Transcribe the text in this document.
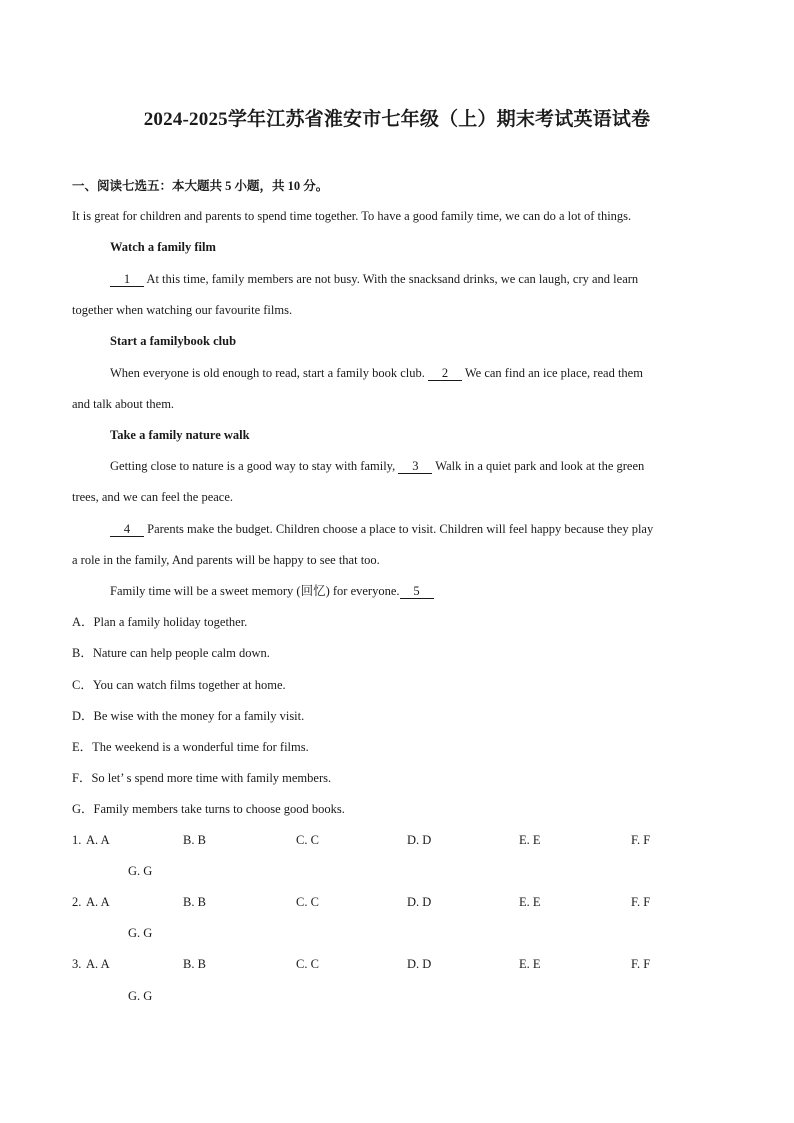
2024-2025学年江苏省淮安市七年级（上）期末考试英语试卷
一、阅读七选五：本大题共 5 小题，共 10 分。
It is great for children and parents to spend time together. To have a good family time, we can do a lot of things.
Watch a family film
1 At this time, family members are not busy. With the snacksand drinks, we can laugh, cry and learn
together when watching our favourite films.
Start a familybook club
When everyone is old enough to read, start a family book club. 2 We can find an ice place, read them
and talk about them.
Take a family nature walk
Getting close to nature is a good way to stay with family, 3 Walk in a quiet park and look at the green
trees, and we can feel the peace.
4 Parents make the budget. Children choose a place to visit. Children will feel happy because they play
a role in the family, And parents will be happy to see that too.
Family time will be a sweet memory (回忆) for everyone. 5
A．Plan a family holiday together.
B．Nature can help people calm down.
C．You can watch films together at home.
D．Be wise with the money for a family visit.
E．The weekend is a wonderful time for films.
F．So let’ s spend more time with family members.
G．Family members take turns to choose good books.
1. A. A	B. B	C. C	D. D	E. E	F. F
G. G
2. A. A	B. B	C. C	D. D	E. E	F. F
G. G
3. A. A	B. B	C. C	D. D	E. E	F. F
G. G
